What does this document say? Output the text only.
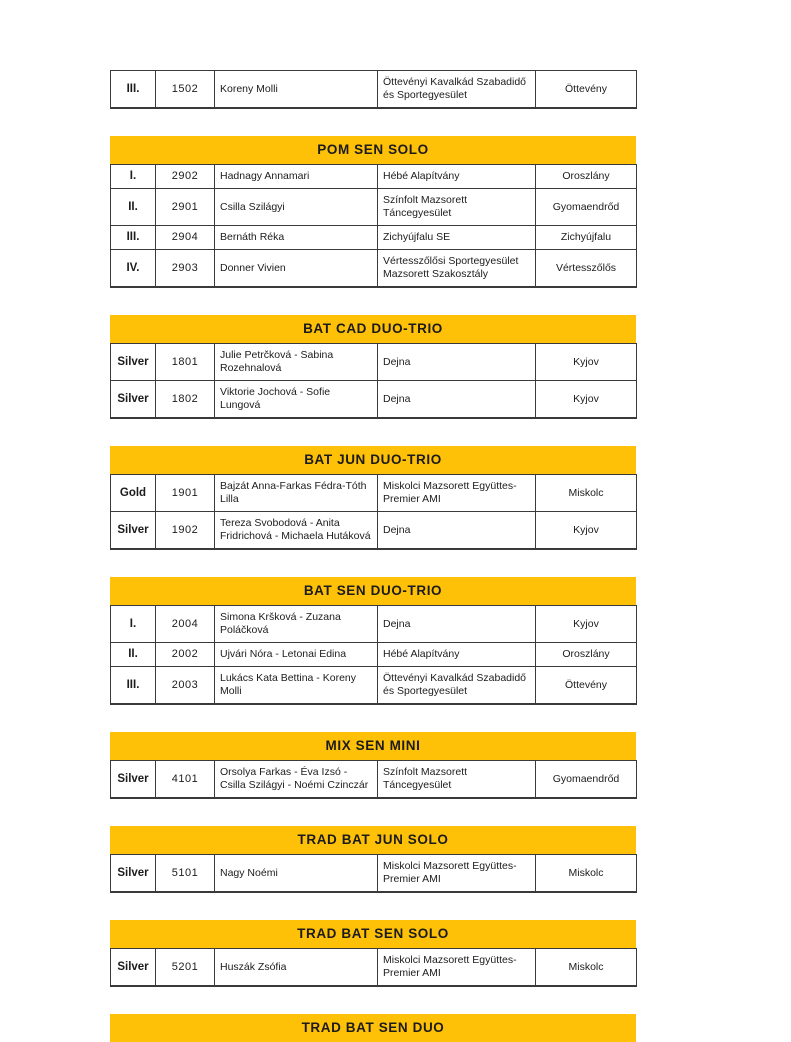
III.	1502	Koreny Molli	Öttevényi Kavalkád Szabadidő és Sportegyesület	Öttevény
POM SEN SOLO
I.	2902	Hadnagy Annamari	Hébé Alapítvány	Oroszlány
II.	2901	Csilla Szilágyi	Színfolt Mazsorett Táncegyesület	Gyomaendrőd
III.	2904	Bernáth Réka	Zichyújfalu SE	Zichyújfalu
IV.	2903	Donner Vivien	Vértesszőlősi Sportegyesület Mazsorett Szakosztály	Vértesszőlős
BAT CAD DUO-TRIO
Silver	1801	Julie Petrčková - Sabina Rozehnalová	Dejna	Kyjov
Silver	1802	Viktorie Jochová - Sofie Lungová	Dejna	Kyjov
BAT JUN DUO-TRIO
Gold	1901	Bajzát Anna-Farkas Fédra-Tóth Lilla	Miskolci Mazsorett Együttes-Premier AMI	Miskolc
Silver	1902	Tereza Svobodová - Anita Fridrichová - Michaela Hutáková	Dejna	Kyjov
BAT SEN DUO-TRIO
I.	2004	Simona Kršková - Zuzana Poláčková	Dejna	Kyjov
II.	2002	Ujvári Nóra - Letonai Edina	Hébé Alapítvány	Oroszlány
III.	2003	Lukács Kata Bettina - Koreny Molli	Öttevényi Kavalkád Szabadidő és Sportegyesület	Öttevény
MIX SEN MINI
Silver	4101	Orsolya Farkas - Éva Izsó - Csilla Szilágyi - Noémi Czinczár	Színfolt Mazsorett Táncegyesület	Gyomaendrőd
TRAD BAT JUN SOLO
Silver	5101	Nagy Noémi	Miskolci Mazsorett Együttes-Premier AMI	Miskolc
TRAD BAT SEN SOLO
Silver	5201	Huszák Zsófia	Miskolci Mazsorett Együttes-Premier AMI	Miskolc
TRAD BAT SEN DUO
